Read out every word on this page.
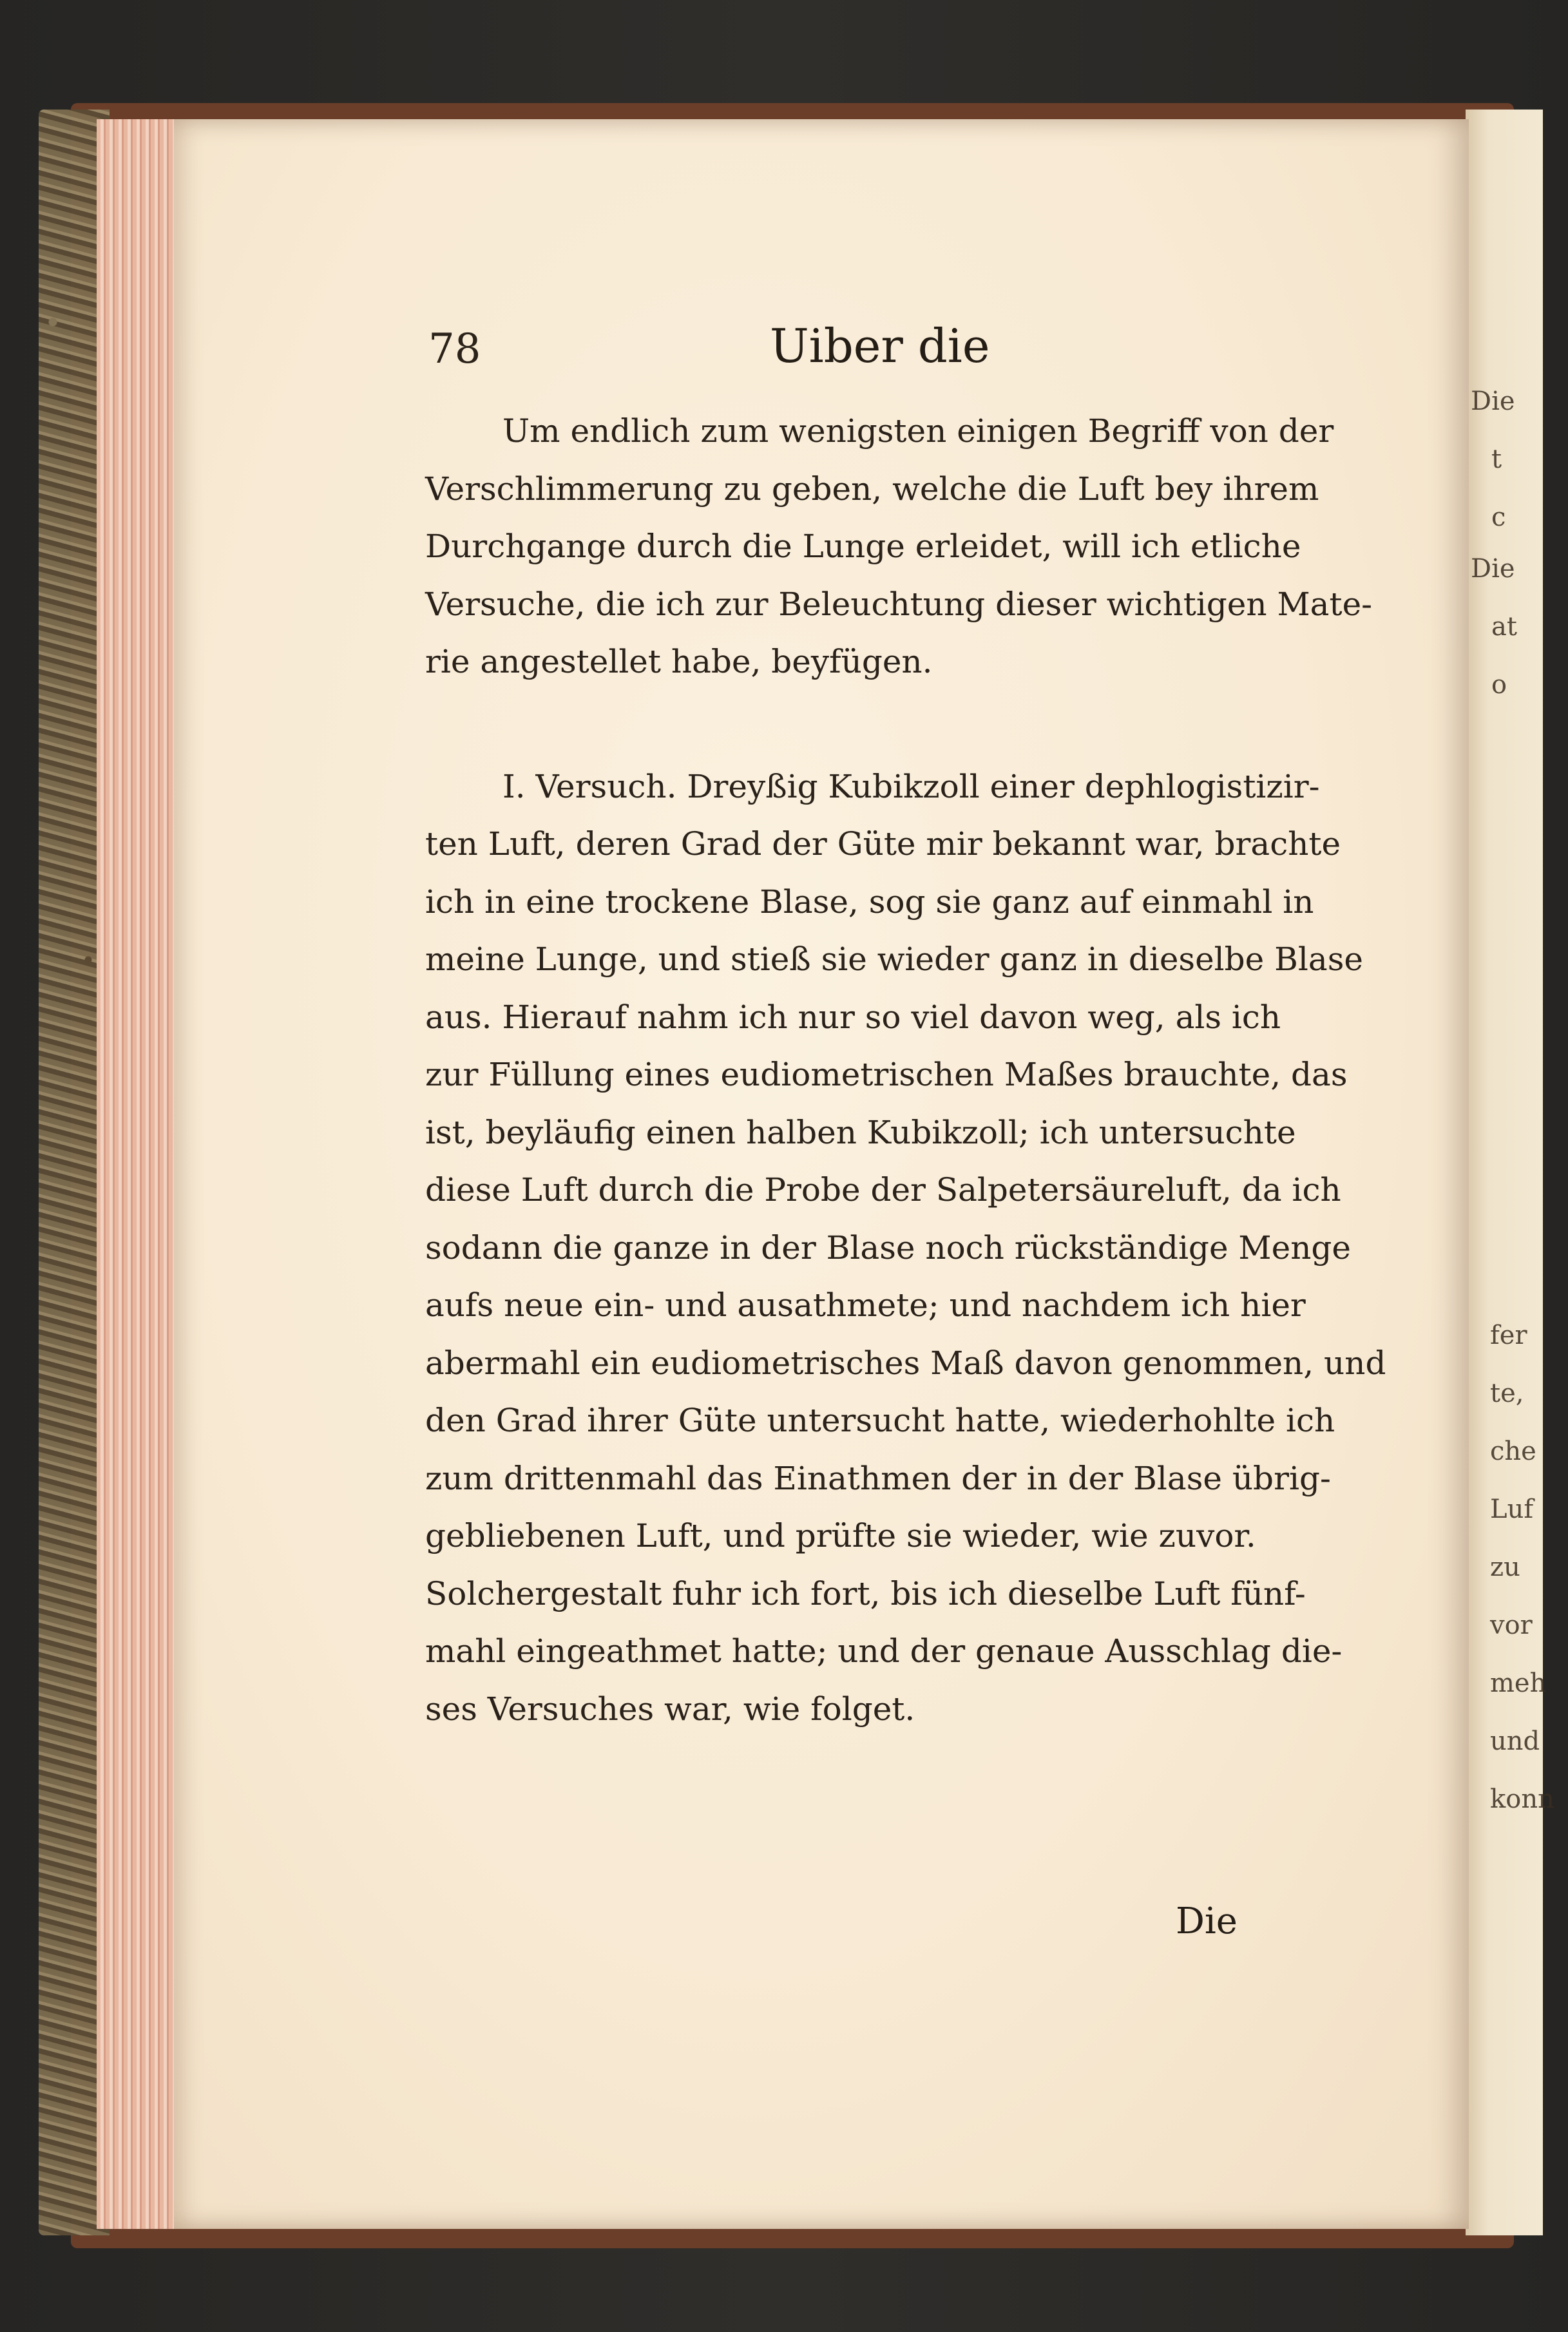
Die
t
c
Die
at
o
fer
te,
che
Luf
zu
vor
meh
und
konn
78	Uiber die
Um endlich zum wenigsten einigen Begriff von der
Verschlimmerung zu geben, welche die Luft bey ihrem
Durchgange durch die Lunge erleidet, will ich etliche
Versuche, die ich zur Beleuchtung dieser wichtigen Mate-
rie angestellet habe, beyfügen.
I. Versuch. Dreyßig Kubikzoll einer dephlogistizir-
ten Luft, deren Grad der Güte mir bekannt war, brachte
ich in eine trockene Blase, sog sie ganz auf einmahl in
meine Lunge, und stieß sie wieder ganz in dieselbe Blase
aus. Hierauf nahm ich nur so viel davon weg, als ich
zur Füllung eines eudiometrischen Maßes brauchte, das
ist, beyläufig einen halben Kubikzoll; ich untersuchte
diese Luft durch die Probe der Salpetersäureluft, da ich
sodann die ganze in der Blase noch rückständige Menge
aufs neue ein- und ausathmete; und nachdem ich hier
abermahl ein eudiometrisches Maß davon genommen, und
den Grad ihrer Güte untersucht hatte, wiederhohlte ich
zum drittenmahl das Einathmen der in der Blase übrig-
gebliebenen Luft, und prüfte sie wieder, wie zuvor.
Solchergestalt fuhr ich fort, bis ich dieselbe Luft fünf-
mahl eingeathmet hatte; und der genaue Ausschlag die-
ses Versuches war, wie folget.
Die
